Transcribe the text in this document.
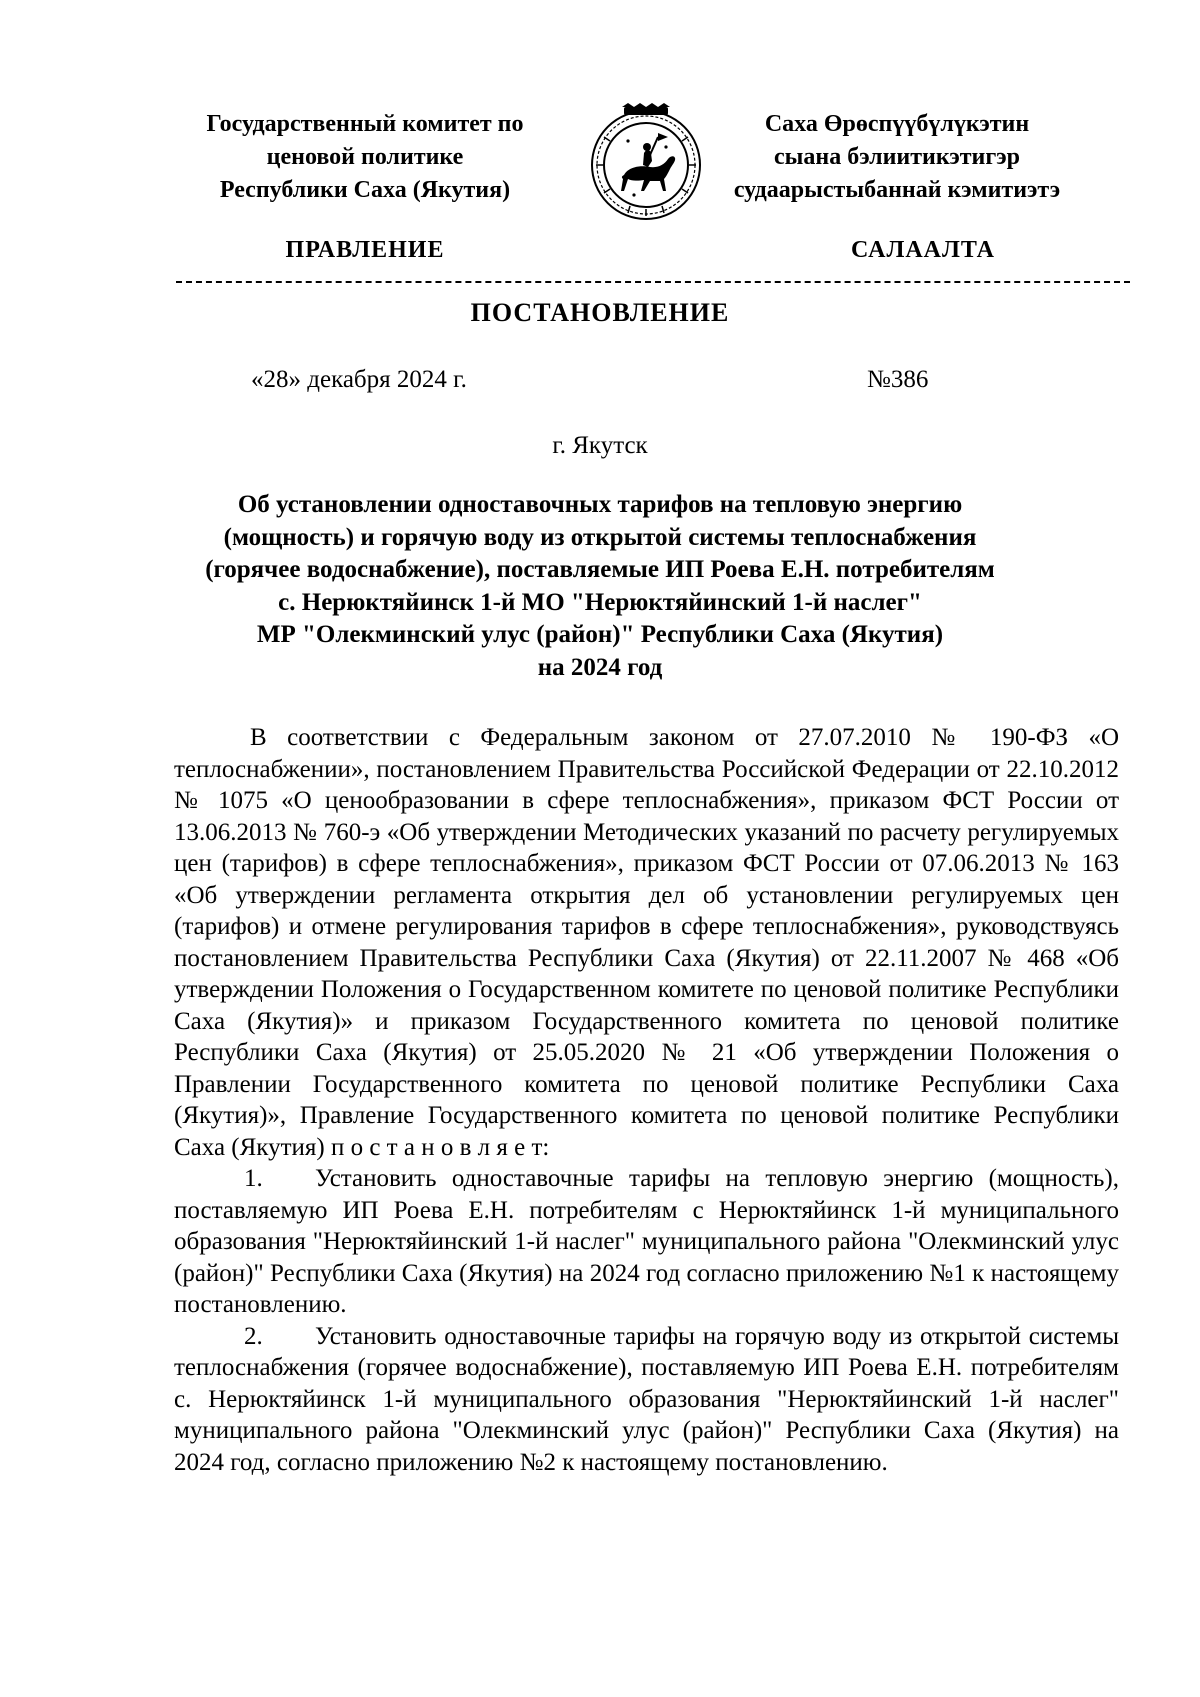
Государственный комитет по
ценовой политике
Республики Саха (Якутия)
Саха Өрөспүүбүлүкэтин
сыана бэлиитикэтигэр
судаарыстыбаннай кэмитиэтэ
ПРАВЛЕНИЕ	САЛААЛТА
ПОСТАНОВЛЕНИЕ
«28» декабря 2024 г.	№386
г. Якутск
Об установлении одноставочных тарифов на тепловую энергию
(мощность) и горячую воду из открытой системы теплоснабжения
(горячее водоснабжение), поставляемые ИП Роева Е.Н. потребителям
с. Нерюктяйинск 1-й МО "Нерюктяйинский 1-й наслег"
МР "Олекминский улус (район)" Республики Саха (Якутия)
на 2024 год

В соответствии с Федеральным законом от 27.07.2010 № 190-ФЗ «О теплоснабжении», постановлением Правительства Российской Федерации от 22.10.2012 № 1075 «О ценообразовании в сфере теплоснабжения», приказом ФСТ России от 13.06.2013 № 760-э «Об утверждении Методических указаний по расчету регулируемых цен (тарифов) в сфере теплоснабжения», приказом ФСТ России от 07.06.2013 № 163 «Об утверждении регламента открытия дел об установлении регулируемых цен (тарифов) и отмене регулирования тарифов в сфере теплоснабжения», руководствуясь постановлением Правительства Республики Саха (Якутия) от 22.11.2007 № 468 «Об утверждении Положения о Государственном комитете по ценовой политике Республики Саха (Якутия)» и приказом Государственного комитета по ценовой политике Республики Саха (Якутия) от 25.05.2020 № 21 «Об утверждении Положения о Правлении Государственного комитета по ценовой политике Республики Саха (Якутия)», Правление Государственного комитета по ценовой политике Республики Саха (Якутия) п о с т а н о в л я е т:

1. Установить одноставочные тарифы на тепловую энергию (мощность), поставляемую ИП Роева Е.Н. потребителям с Нерюктяйинск 1-й муниципального образования "Нерюктяйинский 1-й наслег" муниципального района "Олекминский улус (район)" Республики Саха (Якутия) на 2024 год согласно приложению №1 к настоящему постановлению.

2. Установить одноставочные тарифы на горячую воду из открытой системы теплоснабжения (горячее водоснабжение), поставляемую ИП Роева Е.Н. потребителям с. Нерюктяйинск 1-й муниципального образования "Нерюктяйинский 1-й наслег" муниципального района "Олекминский улус (район)" Республики Саха (Якутия) на 2024 год, согласно приложению №2 к настоящему постановлению.
